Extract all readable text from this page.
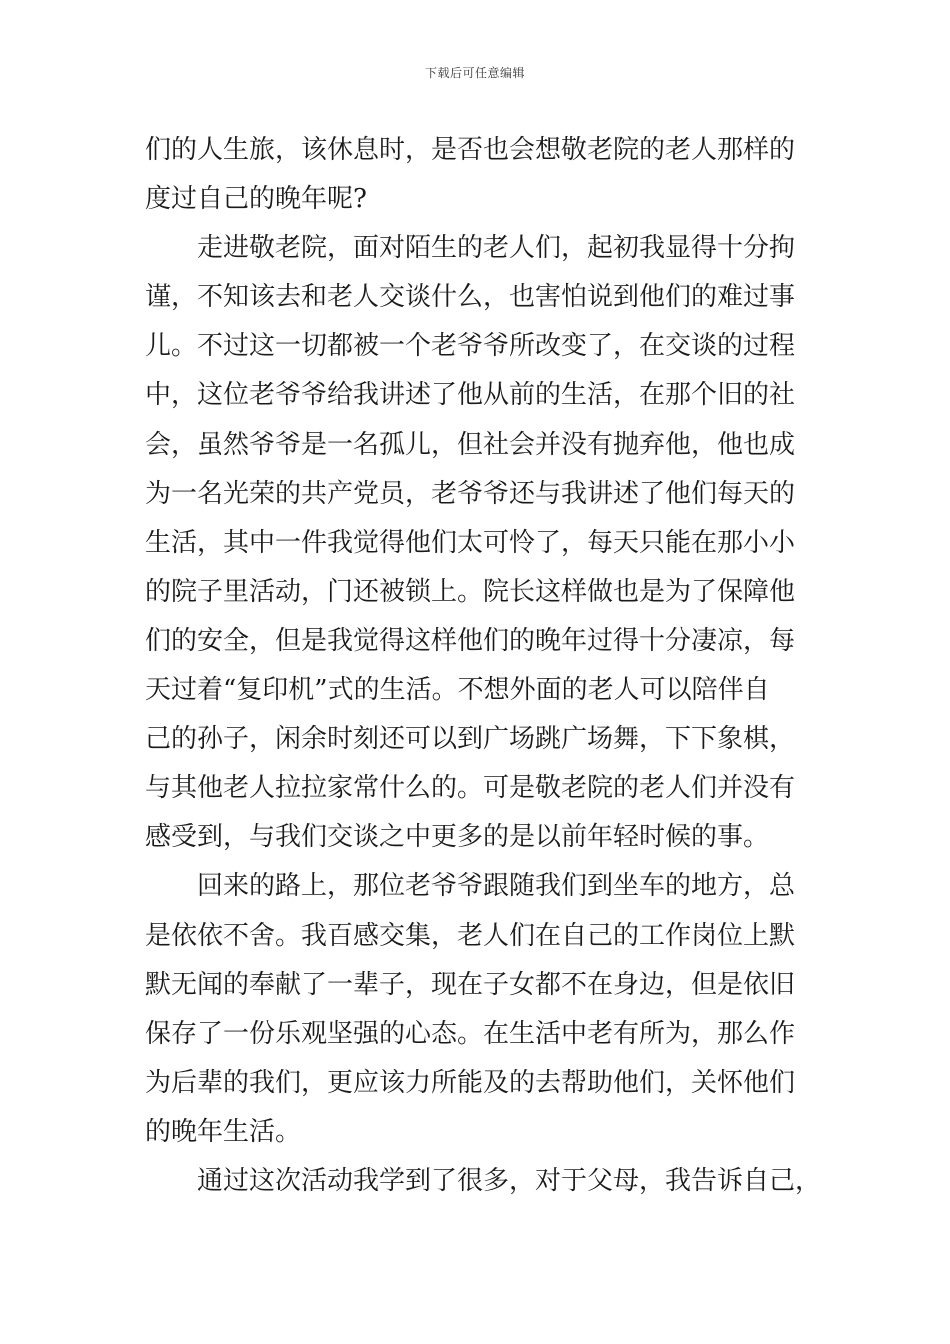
下载后可任意编辑
们的人生旅，该休息时，是否也会想敬老院的老人那样的
度过自己的晚年呢?
走进敬老院，面对陌生的老人们，起初我显得十分拘
谨，不知该去和老人交谈什么，也害怕说到他们的难过事
儿。不过这一切都被一个老爷爷所改变了，在交谈的过程
中，这位老爷爷给我讲述了他从前的生活，在那个旧的社
会，虽然爷爷是一名孤儿，但社会并没有抛弃他，他也成
为一名光荣的共产党员，老爷爷还与我讲述了他们每天的
生活，其中一件我觉得他们太可怜了，每天只能在那小小
的院子里活动，门还被锁上。院长这样做也是为了保障他
们的安全，但是我觉得这样他们的晚年过得十分凄凉，每
天过着“复印机”式的生活。不想外面的老人可以陪伴自
己的孙子，闲余时刻还可以到广场跳广场舞，下下象棋，
与其他老人拉拉家常什么的。可是敬老院的老人们并没有
感受到，与我们交谈之中更多的是以前年轻时候的事。
回来的路上，那位老爷爷跟随我们到坐车的地方，总
是依依不舍。我百感交集，老人们在自己的工作岗位上默
默无闻的奉献了一辈子，现在子女都不在身边，但是依旧
保存了一份乐观坚强的心态。在生活中老有所为，那么作
为后辈的我们，更应该力所能及的去帮助他们，关怀他们
的晚年生活。
通过这次活动我学到了很多，对于父母，我告诉自己，
